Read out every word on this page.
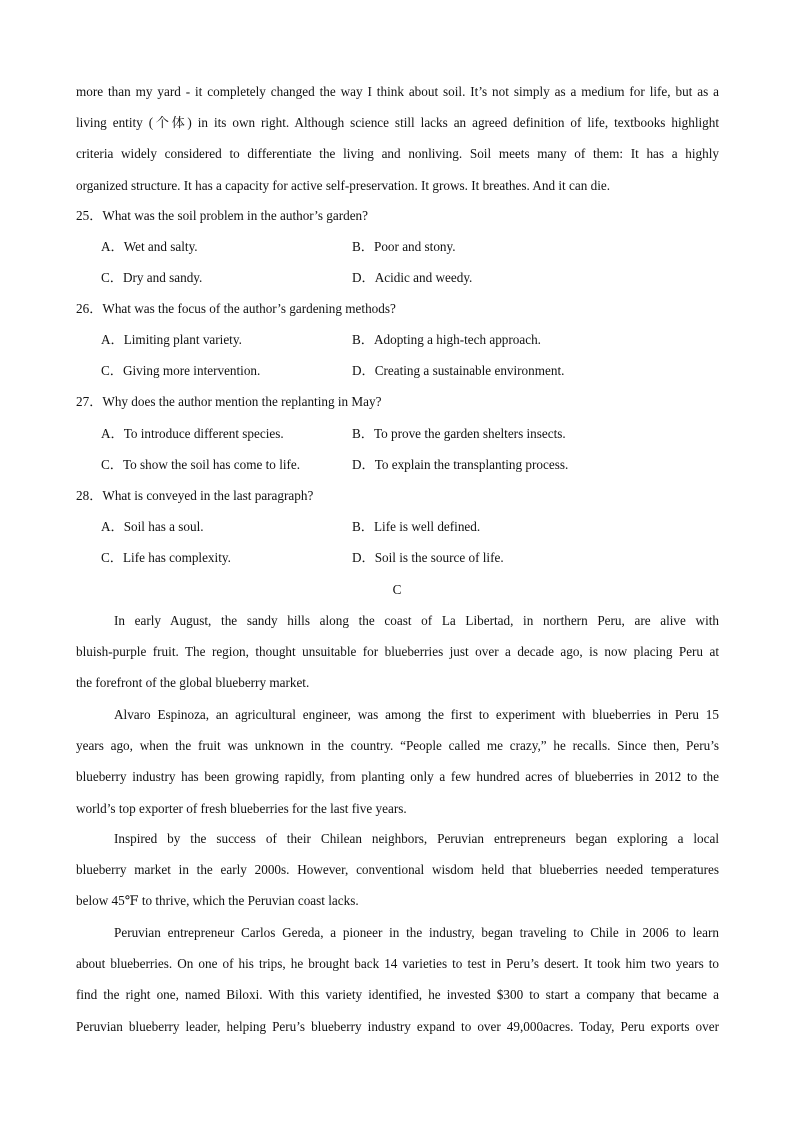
more than my yard - it completely changed the way I think about soil. It’s not simply as a medium for life, but as a
living entity (个体) in its own right. Although science still lacks an agreed definition of life, textbooks highlight
criteria widely considered to differentiate the living and nonliving. Soil meets many of them: It has a highly
organized structure. It has a capacity for active self-preservation. It grows. It breathes. And it can die.
25．What was the soil problem in the author’s garden?
A．Wet and salty.	B．Poor and stony.
C．Dry and sandy.	D．Acidic and weedy.
26．What was the focus of the author’s gardening methods?
A．Limiting plant variety.	B．Adopting a high-tech approach.
C．Giving more intervention.	D．Creating a sustainable environment.
27．Why does the author mention the replanting in May?
A．To introduce different species.	B．To prove the garden shelters insects.
C．To show the soil has come to life.	D．To explain the transplanting process.
28．What is conveyed in the last paragraph?
A．Soil has a soul.	B．Life is well defined.
C．Life has complexity.	D．Soil is the source of life.
C
In early August, the sandy hills along the coast of La Libertad, in northern Peru, are alive with
bluish-purple fruit. The region, thought unsuitable for blueberries just over a decade ago, is now placing Peru at
the forefront of the global blueberry market.
Alvaro Espinoza, an agricultural engineer, was among the first to experiment with blueberries in Peru 15
years ago, when the fruit was unknown in the country. “People called me crazy,” he recalls. Since then, Peru’s
blueberry industry has been growing rapidly, from planting only a few hundred acres of blueberries in 2012 to the
world’s top exporter of fresh blueberries for the last five years.
Inspired by the success of their Chilean neighbors, Peruvian entrepreneurs began exploring a local
blueberry market in the early 2000s. However, conventional wisdom held that blueberries needed temperatures
below 45℉ to thrive, which the Peruvian coast lacks.
Peruvian entrepreneur Carlos Gereda, a pioneer in the industry, began traveling to Chile in 2006 to learn
about blueberries. On one of his trips, he brought back 14 varieties to test in Peru’s desert. It took him two years to
find the right one, named Biloxi. With this variety identified, he invested $300 to start a company that became a
Peruvian blueberry leader, helping Peru’s blueberry industry expand to over 49,000acres. Today, Peru exports over
